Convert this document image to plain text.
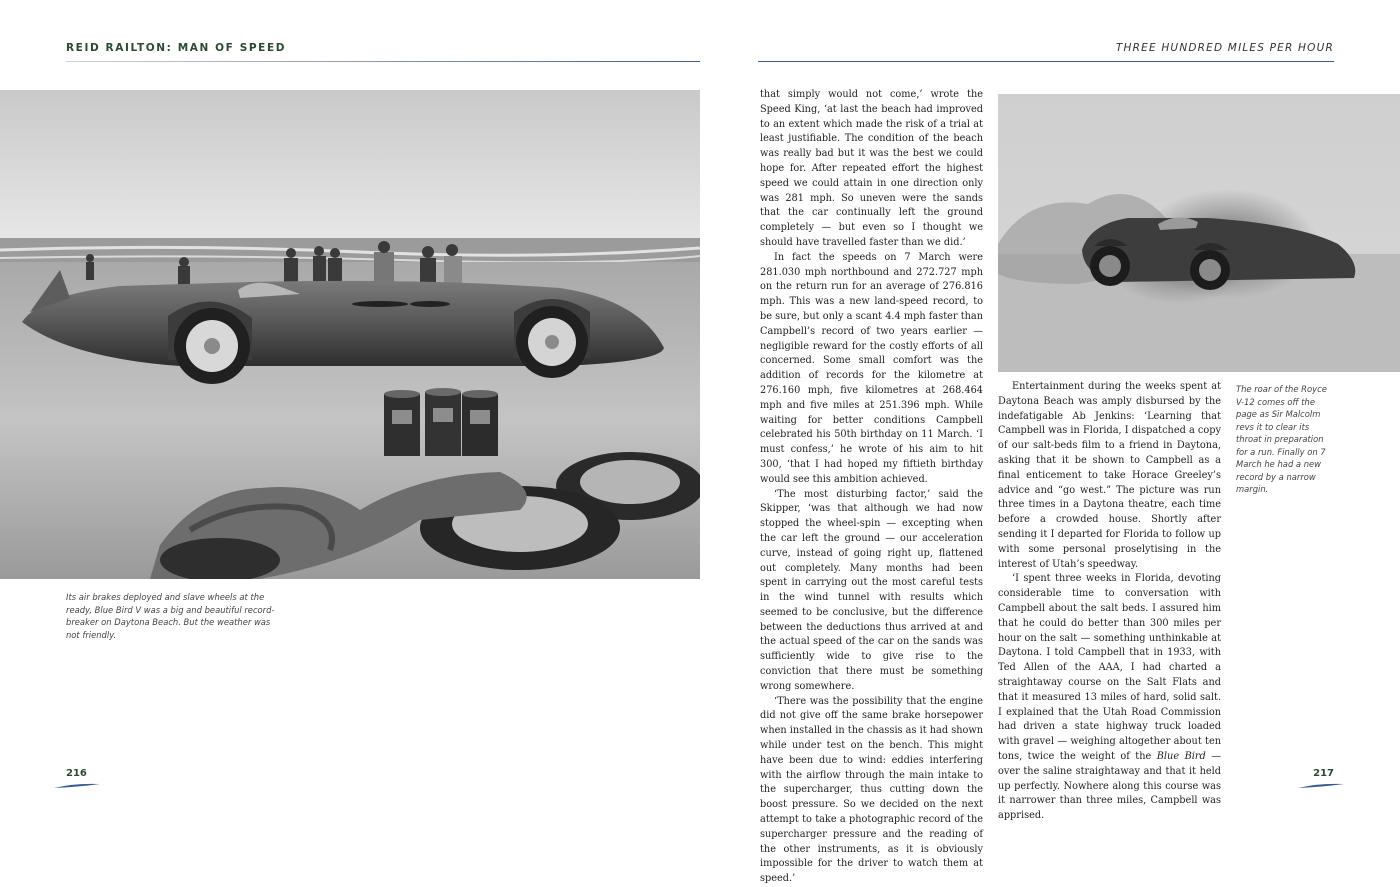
REID RAILTON: MAN OF SPEED	THREE HUNDRED MILES PER HOUR
Its air brakes deployed and slave wheels at the ready, Blue Bird V was a big and beautiful record-breaker on Daytona Beach. But the weather was not friendly.
The roar of the Royce V-12 comes off the page as Sir Malcolm revs it to clear its throat in preparation for a run. Finally on 7 March he had a new record by a narrow margin.

that simply would not come,’ wrote the Speed King, ‘at last the beach had improved to an extent which made the risk of a trial at least justifiable. The condition of the beach was really bad but it was the best we could hope for. After repeated effort the highest speed we could attain in one direction only was 281 mph. So uneven were the sands that the car continually left the ground completely — but even so I thought we should have travelled faster than we did.’

In fact the speeds on 7 March were 281.030 mph northbound and 272.727 mph on the return run for an average of 276.816 mph. This was a new land-speed record, to be sure, but only a scant 4.4 mph faster than Campbell’s record of two years earlier — negligible reward for the costly efforts of all concerned. Some small comfort was the addition of records for the kilometre at 276.160 mph, five kilometres at 268.464 mph and five miles at 251.396 mph. While waiting for better conditions Campbell celebrated his 50th birthday on 11 March. ‘I must confess,’ he wrote of his aim to hit 300, ‘that I had hoped my fiftieth birthday would see this ambition achieved.

‘The most disturbing factor,’ said the Skipper, ‘was that although we had now stopped the wheel-spin — excepting when the car left the ground — our acceleration curve, instead of going right up, flattened out completely. Many months had been spent in carrying out the most careful tests in the wind tunnel with results which seemed to be conclusive, but the difference between the deductions thus arrived at and the actual speed of the car on the sands was sufficiently wide to give rise to the conviction that there must be something wrong somewhere.

‘There was the possibility that the engine did not give off the same brake horsepower when installed in the chassis as it had shown while under test on the bench. This might have been due to wind: eddies interfering with the airflow through the main intake to the supercharger, thus cutting down the boost pressure. So we decided on the next attempt to take a photographic record of the supercharger pressure and the reading of the other instruments, as it is obviously impossible for the driver to watch them at speed.’

Entertainment during the weeks spent at Daytona Beach was amply disbursed by the indefatigable Ab Jenkins: ‘Learning that Campbell was in Florida, I dispatched a copy of our salt-beds film to a friend in Daytona, asking that it be shown to Campbell as a final enticement to take Horace Greeley’s advice and “go west.” The picture was run three times in a Daytona theatre, each time before a crowded house. Shortly after sending it I departed for Florida to follow up with some personal proselytising in the interest of Utah’s speedway.

‘I spent three weeks in Florida, devoting considerable time to conversation with Campbell about the salt beds. I assured him that he could do better than 300 miles per hour on the salt — something unthinkable at Daytona. I told Campbell that in 1933, with Ted Allen of the AAA, I had charted a straightaway course on the Salt Flats and that it measured 13 miles of hard, solid salt. I explained that the Utah Road Commission had driven a state highway truck loaded with gravel — weighing altogether about ten tons, twice the weight of the Blue Bird — over the saline straightaway and that it held up perfectly. Nowhere along this course was it narrower than three miles, Campbell was apprised.

216	217
